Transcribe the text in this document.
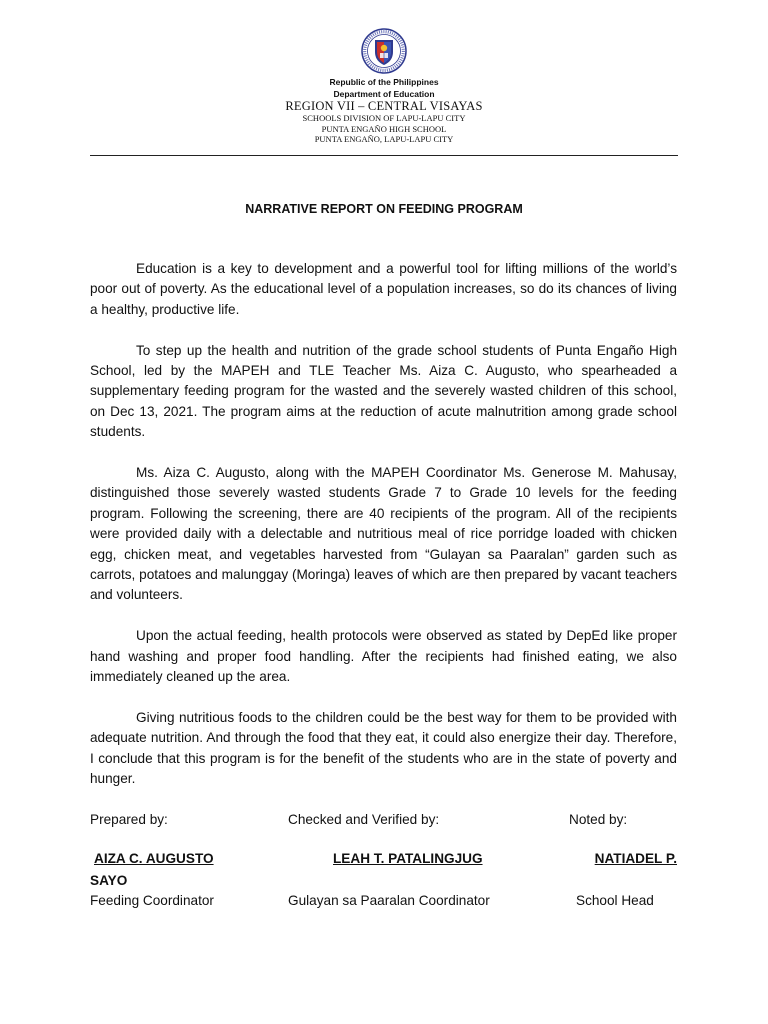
Republic of the Philippines
Department of Education
REGION VII – CENTRAL VISAYAS
SCHOOLS DIVISION OF LAPU-LAPU CITY
PUNTA ENGAÑO HIGH SCHOOL
PUNTA ENGAÑO, LAPU-LAPU CITY
NARRATIVE REPORT ON FEEDING PROGRAM

Education is a key to development and a powerful tool for lifting millions of the world’s poor out of poverty. As the educational level of a population increases, so do its chances of living a healthy, productive life.

To step up the health and nutrition of the grade school students of Punta Engaño High School, led by the MAPEH and TLE Teacher Ms. Aiza C. Augusto, who spearheaded a supplementary feeding program for the wasted and the severely wasted children of this school, on Dec 13, 2021. The program aims at the reduction of acute malnutrition among grade school students.

Ms. Aiza C. Augusto, along with the MAPEH Coordinator Ms. Generose M. Mahusay, distinguished those severely wasted students Grade 7 to Grade 10 levels for the feeding program. Following the screening, there are 40 recipients of the program. All of the recipients were provided daily with a delectable and nutritious meal of rice porridge loaded with chicken egg, chicken meat, and vegetables harvested from “Gulayan sa Paaralan” garden such as carrots, potatoes and malunggay (Moringa) leaves of which are then prepared by vacant teachers and volunteers.

Upon the actual feeding, health protocols were observed as stated by DepEd like proper hand washing and proper food handling. After the recipients had finished eating, we also immediately cleaned up the area.

Giving nutritious foods to the children could be the best way for them to be provided with adequate nutrition. And through the food that they eat, it could also energize their day. Therefore, I conclude that this program is for the benefit of the students who are in the state of poverty and hunger.

Prepared by:	Checked and Verified by:	Noted by:
AIZA C. AUGUSTO	LEAH T. PATALINGJUG	NATIADEL P.
SAYO
Feeding Coordinator	Gulayan sa Paaralan Coordinator	School Head
